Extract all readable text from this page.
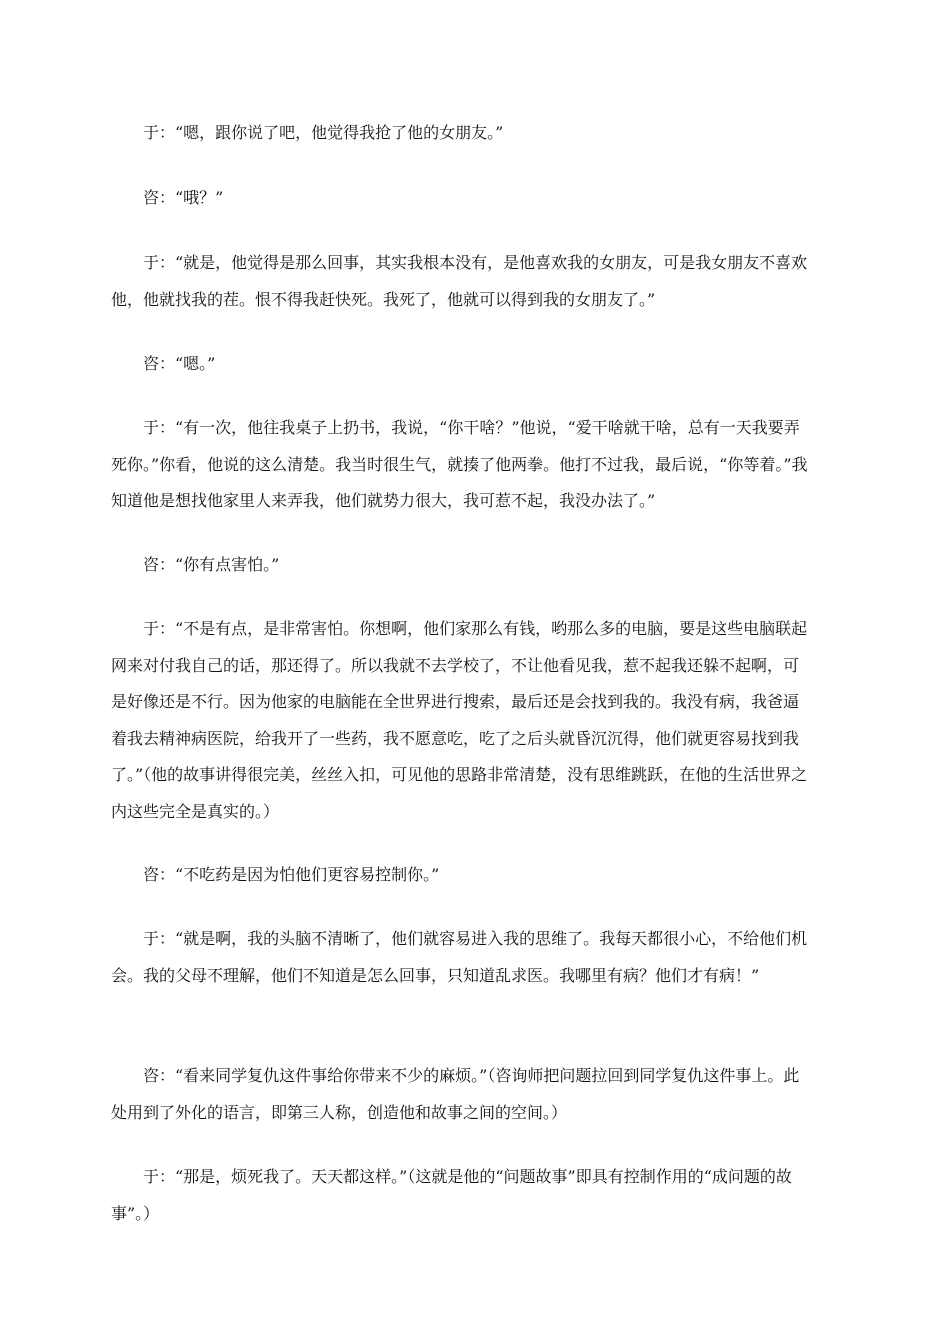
于：“嗯，跟你说了吧，他觉得我抢了他的女朋友。”

咨：“哦？”

于：“就是，他觉得是那么回事，其实我根本没有，是他喜欢我的女朋友，可是我女朋友不喜欢他，他就找我的茬。恨不得我赶快死。我死了，他就可以得到我的女朋友了。”

咨：“嗯。”

于：“有一次，他往我桌子上扔书，我说，“你干啥？”他说，“爱干啥就干啥，总有一天我要弄死你。”你看，他说的这么清楚。我当时很生气，就揍了他两拳。他打不过我，最后说，“你等着。”我知道他是想找他家里人来弄我，他们就势力很大，我可惹不起，我没办法了。”

咨：“你有点害怕。”

于：“不是有点，是非常害怕。你想啊，他们家那么有钱，哟那么多的电脑，要是这些电脑联起网来对付我自己的话，那还得了。所以我就不去学校了，不让他看见我，惹不起我还躲不起啊，可是好像还是不行。因为他家的电脑能在全世界进行搜索，最后还是会找到我的。我没有病，我爸逼着我去精神病医院，给我开了一些药，我不愿意吃，吃了之后头就昏沉沉得，他们就更容易找到我了。”（他的故事讲得很完美，丝丝入扣，可见他的思路非常清楚，没有思维跳跃，在他的生活世界之内这些完全是真实的。）

咨：“不吃药是因为怕他们更容易控制你。”

于：“就是啊，我的头脑不清晰了，他们就容易进入我的思维了。我每天都很小心，不给他们机会。我的父母不理解，他们不知道是怎么回事，只知道乱求医。我哪里有病？他们才有病！”

咨：“看来同学复仇这件事给你带来不少的麻烦。”（咨询师把问题拉回到同学复仇这件事上。此处用到了外化的语言，即第三人称，创造他和故事之间的空间。）

于：“那是，烦死我了。天天都这样。”（这就是他的“问题故事”即具有控制作用的“成问题的故事”。）
